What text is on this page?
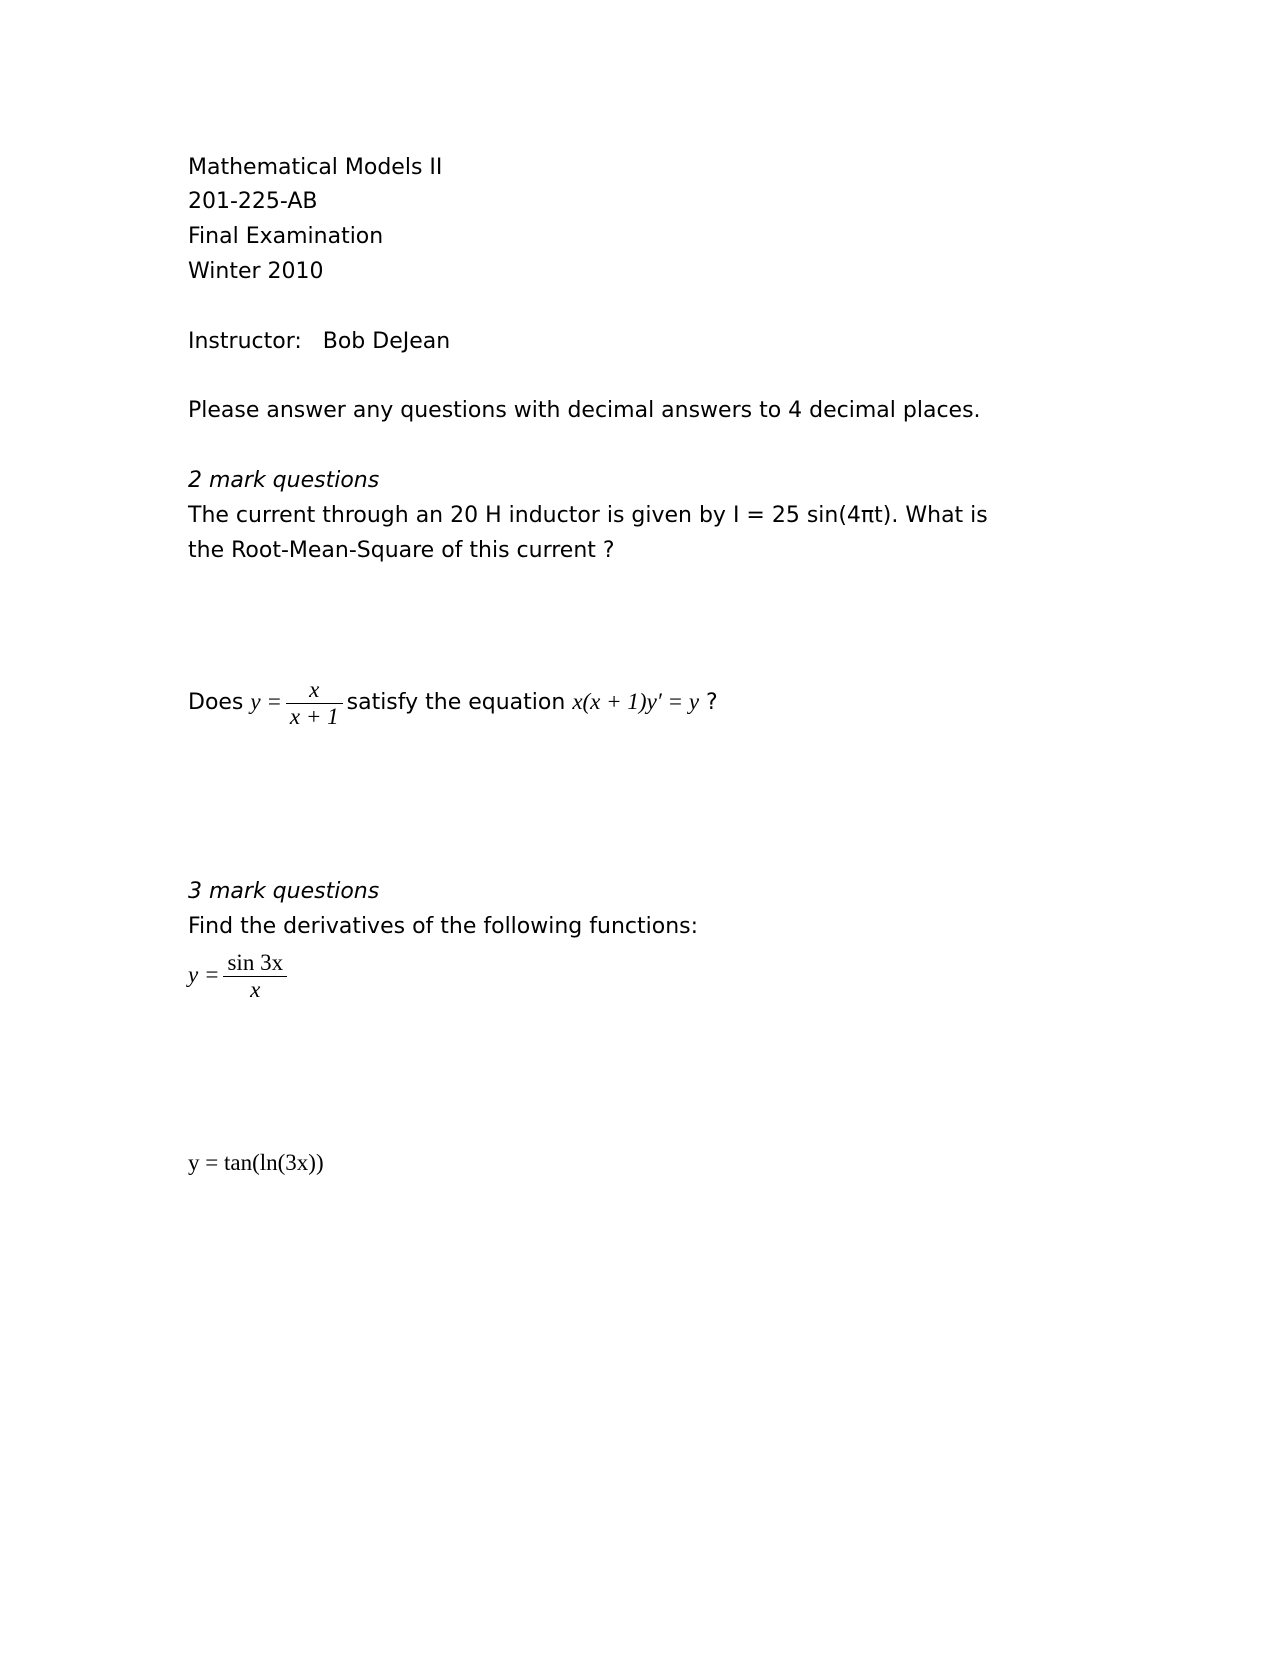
Mathematical Models II
201-225-AB
Final Examination
Winter 2010
Instructor: Bob DeJean
Please answer any questions with decimal answers to 4 decimal places.
2 mark questions
The current through an 20 H inductor is given by I = 25 sin(4πt). What is
the Root-Mean-Square of this current ?
Does $y = \frac{x}{x + 1}$ satisfy the equation x(x + 1)y′ = y ?
3 mark questions
Find the derivatives of the following functions:
$y = \frac{\sin 3x}{x}$
y = tan(ln(3x))
